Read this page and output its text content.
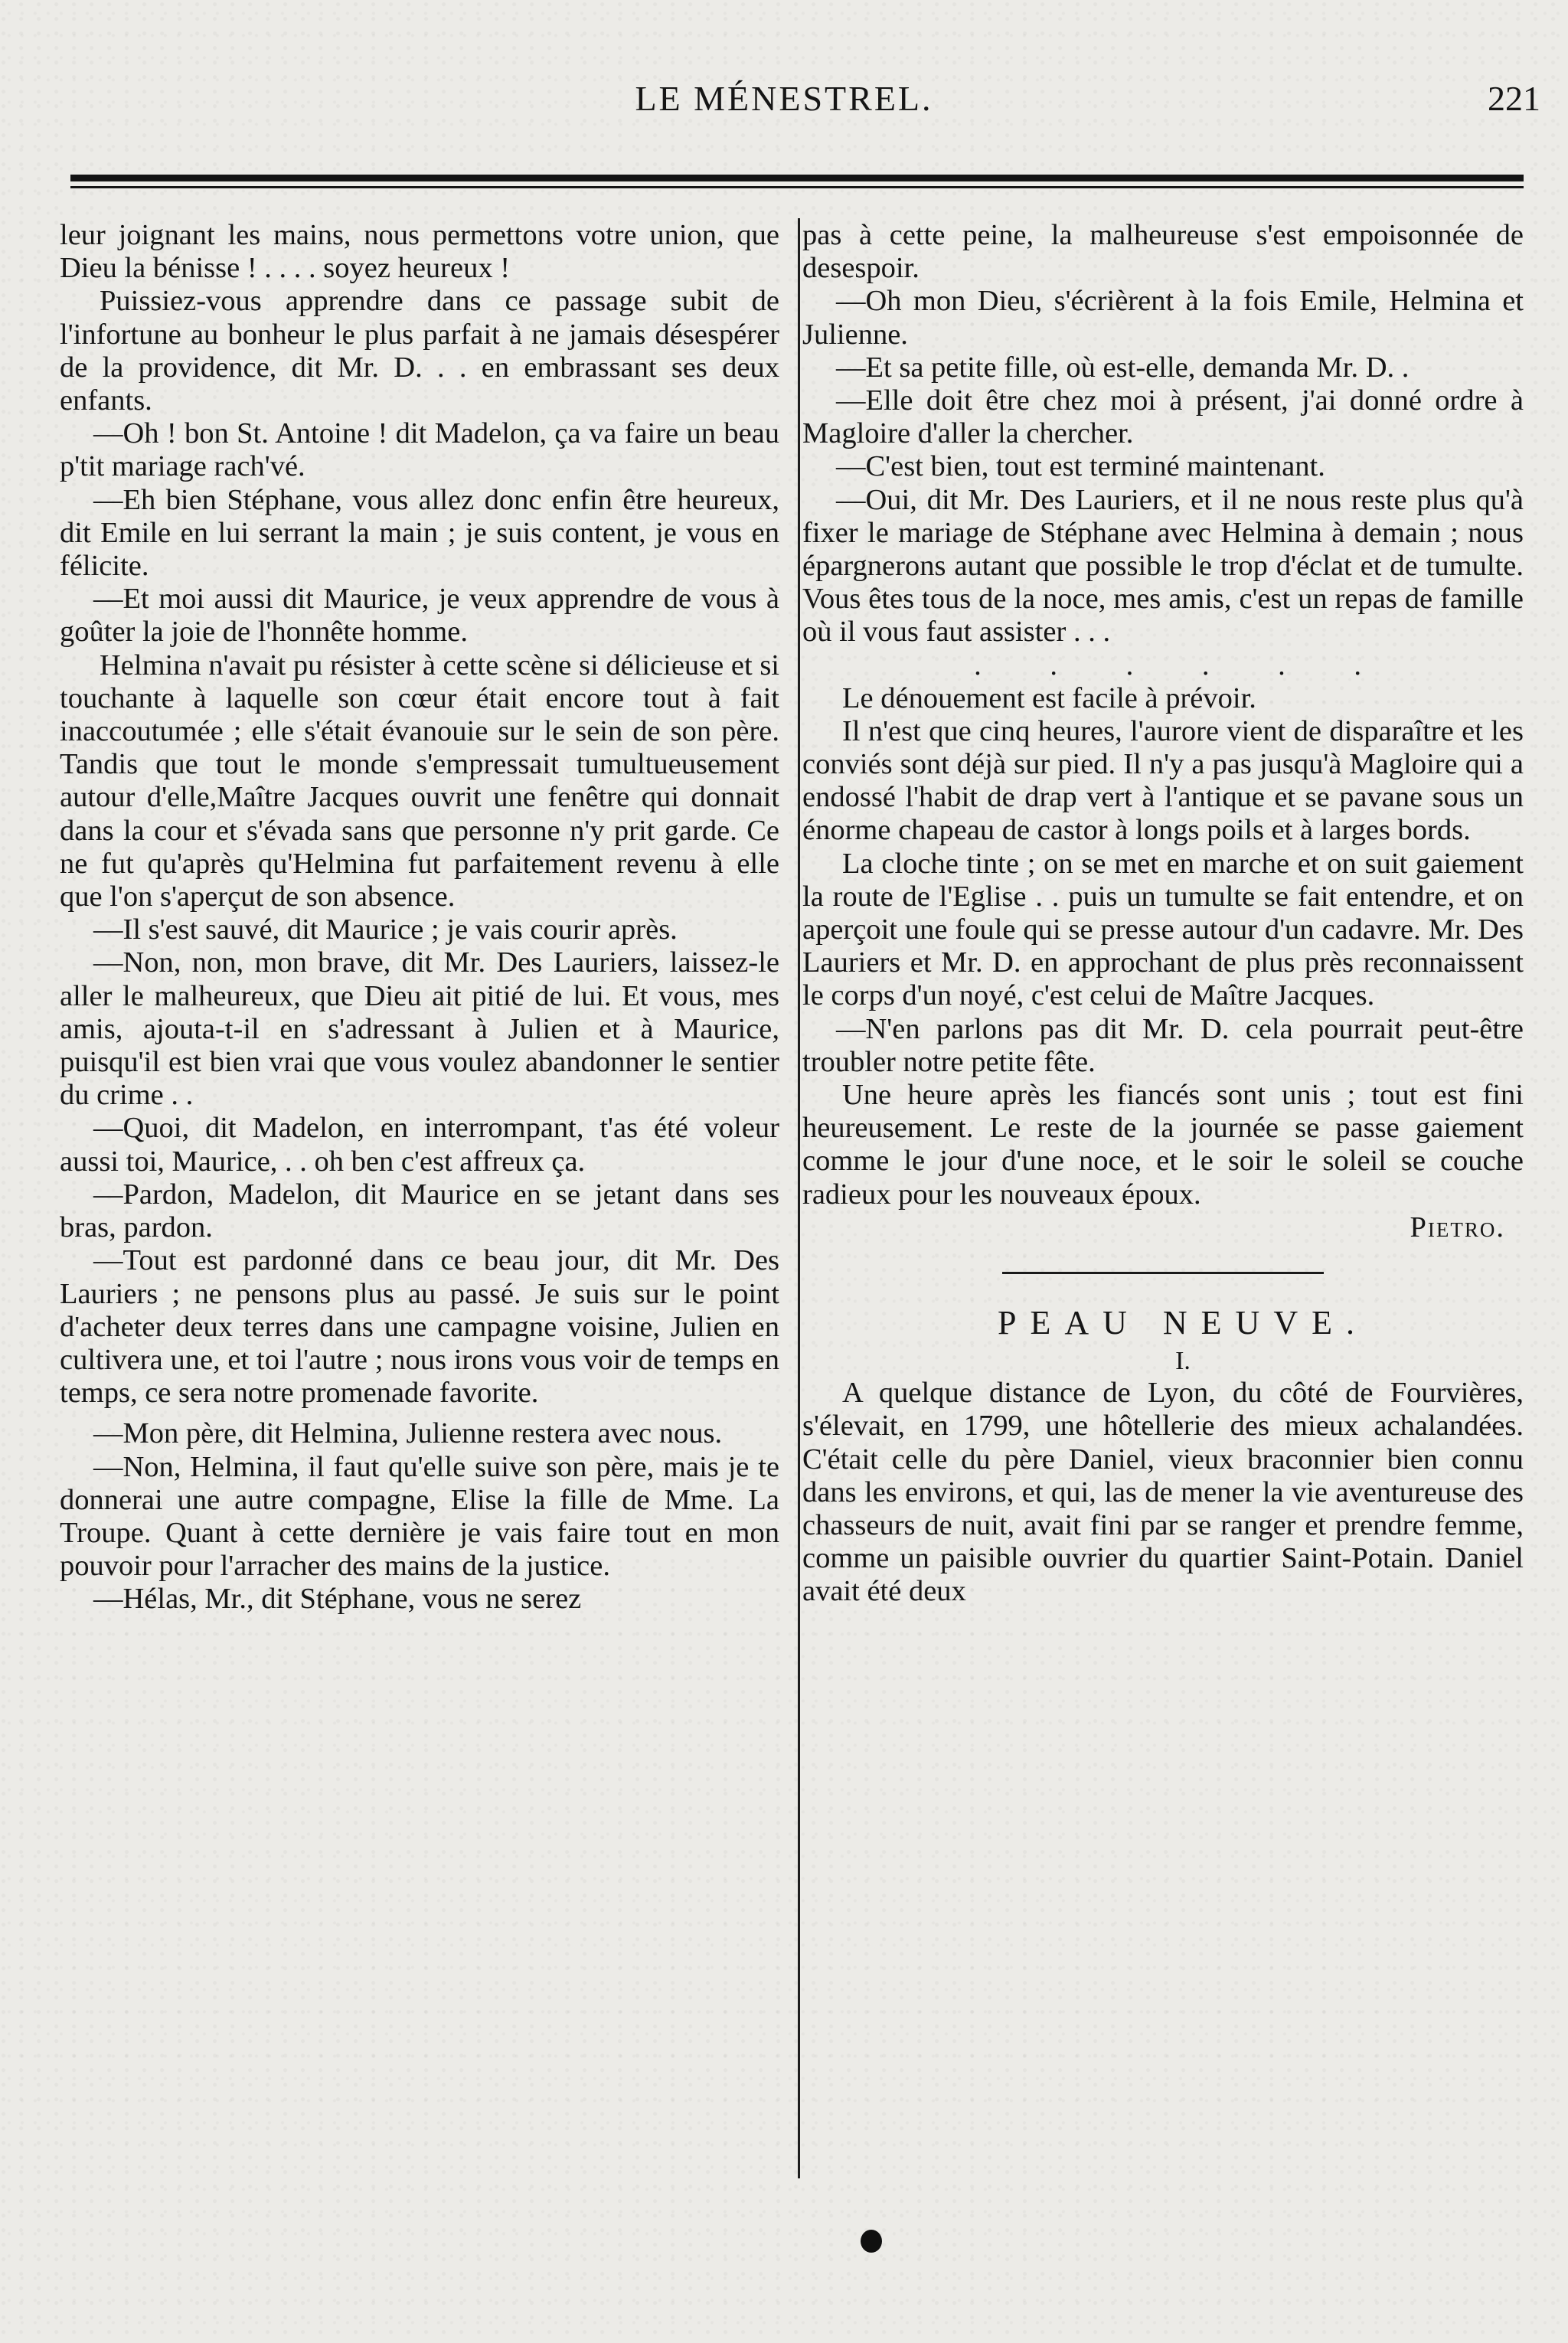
LE MÉNESTREL.	221

leur joignant les mains, nous permettons votre union, que Dieu la bénisse ! . . . . soyez heureux !

Puissiez-vous apprendre dans ce passage subit de l'infortune au bonheur le plus parfait à ne jamais désespérer de la providence, dit Mr. D. . . en embrassant ses deux enfants.

—Oh ! bon St. Antoine ! dit Madelon, ça va faire un beau p'tit mariage rach'vé.

—Eh bien Stéphane, vous allez donc enfin être heureux, dit Emile en lui serrant la main ; je suis content, je vous en félicite.

—Et moi aussi dit Maurice, je veux apprendre de vous à goûter la joie de l'honnête homme.

Helmina n'avait pu résister à cette scène si délicieuse et si touchante à laquelle son cœur était encore tout à fait inaccoutumée ; elle s'était évanouie sur le sein de son père. Tandis que tout le monde s'empressait tumultueusement autour d'elle,Maître Jacques ouvrit une fenêtre qui donnait dans la cour et s'évada sans que personne n'y prit garde. Ce ne fut qu'après qu'Helmina fut parfaitement revenu à elle que l'on s'aperçut de son absence.

—Il s'est sauvé, dit Maurice ; je vais courir après.

—Non, non, mon brave, dit Mr. Des Lauriers, laissez-le aller le malheureux, que Dieu ait pitié de lui. Et vous, mes amis, ajouta-t-il en s'adressant à Julien et à Maurice, puisqu'il est bien vrai que vous voulez abandonner le sentier du crime . .

—Quoi, dit Madelon, en interrompant, t'as été voleur aussi toi, Maurice, . . oh ben c'est affreux ça.

—Pardon, Madelon, dit Maurice en se jetant dans ses bras, pardon.

—Tout est pardonné dans ce beau jour, dit Mr. Des Lauriers ; ne pensons plus au passé. Je suis sur le point d'acheter deux terres dans une campagne voisine, Julien en cultivera une, et toi l'autre ; nous irons vous voir de temps en temps, ce sera notre promenade favorite.

—Mon père, dit Helmina, Julienne restera avec nous.

—Non, Helmina, il faut qu'elle suive son père, mais je te donnerai une autre compagne, Elise la fille de Mme. La Troupe. Quant à cette dernière je vais faire tout en mon pouvoir pour l'arracher des mains de la justice.

—Hélas, Mr., dit Stéphane, vous ne serez

pas à cette peine, la malheureuse s'est empoisonnée de desespoir.

—Oh mon Dieu, s'écrièrent à la fois Emile, Helmina et Julienne.

—Et sa petite fille, où est-elle, demanda Mr. D. .

—Elle doit être chez moi à présent, j'ai donné ordre à Magloire d'aller la chercher.

—C'est bien, tout est terminé maintenant.

—Oui, dit Mr. Des Lauriers, et il ne nous reste plus qu'à fixer le mariage de Stéphane avec Helmina à demain ; nous épargnerons autant que possible le trop d'éclat et de tumulte. Vous êtes tous de la noce, mes amis, c'est un repas de famille où il vous faut assister . . .

. . . . . .

Le dénouement est facile à prévoir.

Il n'est que cinq heures, l'aurore vient de disparaître et les conviés sont déjà sur pied. Il n'y a pas jusqu'à Magloire qui a endossé l'habit de drap vert à l'antique et se pavane sous un énorme chapeau de castor à longs poils et à larges bords.

La cloche tinte ; on se met en marche et on suit gaiement la route de l'Eglise . . puis un tumulte se fait entendre, et on aperçoit une foule qui se presse autour d'un cadavre. Mr. Des Lauriers et Mr. D. en approchant de plus près reconnaissent le corps d'un noyé, c'est celui de Maître Jacques.

—N'en parlons pas dit Mr. D. cela pourrait peut-être troubler notre petite fête.

Une heure après les fiancés sont unis ; tout est fini heureusement. Le reste de la journée se passe gaiement comme le jour d'une noce, et le soir le soleil se couche radieux pour les nouveaux époux.

Pietro.

PEAU NEUVE.

I.

A quelque distance de Lyon, du côté de Fourvières, s'élevait, en 1799, une hôtellerie des mieux achalandées. C'était celle du père Daniel, vieux braconnier bien connu dans les environs, et qui, las de mener la vie aventureuse des chasseurs de nuit, avait fini par se ranger et prendre femme, comme un paisible ouvrier du quartier Saint-Potain. Daniel avait été deux
